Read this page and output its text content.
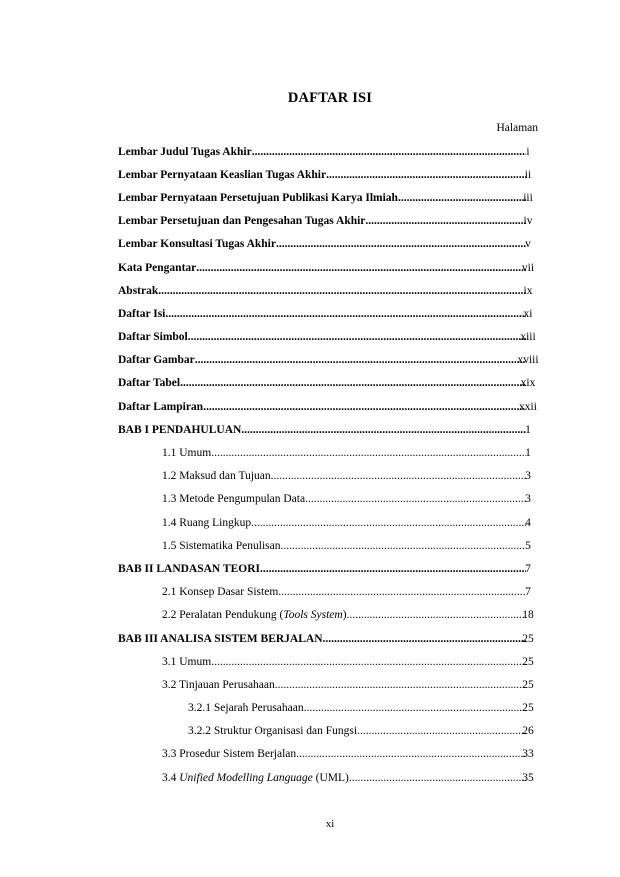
DAFTAR ISI
Halaman
Lembar Judul Tugas Akhir .....	i
Lembar Pernyataan Keaslian Tugas Akhir .....	ii
Lembar Pernyataan Persetujuan Publikasi Karya Ilmiah .....	iii
Lembar Persetujuan dan Pengesahan Tugas Akhir .....	iv
Lembar Konsultasi Tugas Akhir .....	v
Kata Pengantar .....	vii
Abstrak .....	ix
Daftar Isi .....	xi
Daftar Simbol .....	xiii
Daftar Gambar .....	xviii
Daftar Tabel .....	xix
Daftar Lampiran .....	xxii
BAB I PENDAHULUAN .....	1
1.1 Umum .....	1
1.2 Maksud dan Tujuan .....	3
1.3 Metode Pengumpulan Data .....	3
1.4 Ruang Lingkup .....	4
1.5 Sistematika Penulisan .....	5
BAB II LANDASAN TEORI .....	7
2.1 Konsep Dasar Sistem .....	7
2.2 Peralatan Pendukung (Tools System) .....	18
BAB III ANALISA SISTEM BERJALAN .....	25
3.1 Umum .....	25
3.2 Tinjauan Perusahaan .....	25
3.2.1 Sejarah Perusahaan .....	25
3.2.2 Struktur Organisasi dan Fungsi .....	26
3.3 Prosedur Sistem Berjalan .....	33
3.4 Unified Modelling Language (UML) .....	35
xi
